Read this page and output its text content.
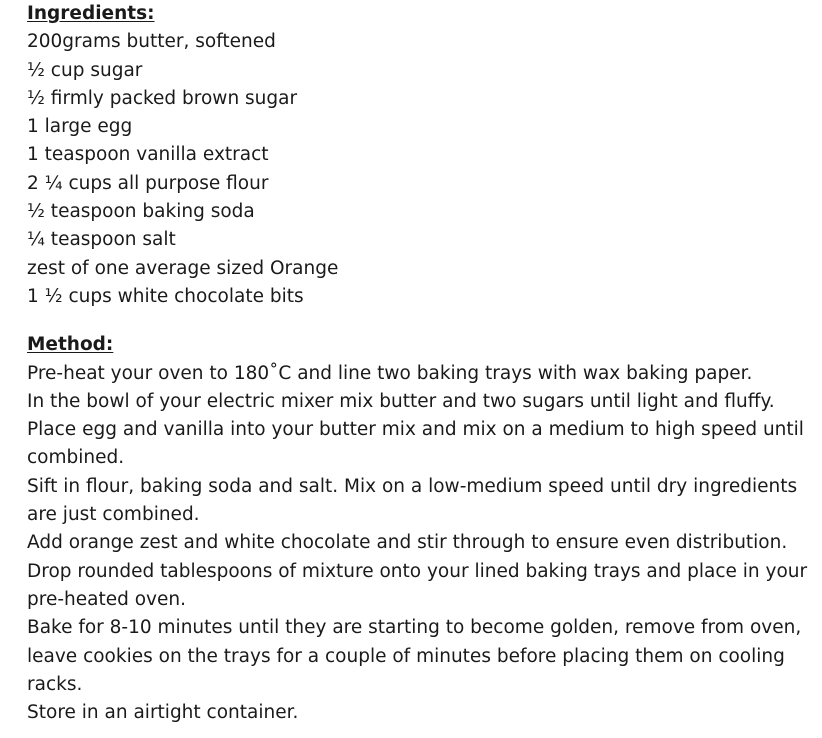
Ingredients:

200grams butter, softened

½ cup sugar

½ firmly packed brown sugar

1 large egg

1 teaspoon vanilla extract

2 ¼ cups all purpose flour

½ teaspoon baking soda

¼ teaspoon salt

zest of one average sized Orange

1 ½ cups white chocolate bits

Method:

Pre-heat your oven to 180˚C and line two baking trays with wax baking paper.

In the bowl of your electric mixer mix butter and two sugars until light and fluffy.

Place egg and vanilla into your butter mix and mix on a medium to high speed until combined.

Sift in flour, baking soda and salt. Mix on a low-medium speed until dry ingredients are just combined.

Add orange zest and white chocolate and stir through to ensure even distribution.

Drop rounded tablespoons of mixture onto your lined baking trays and place in your pre-heated oven.

Bake for 8-10 minutes until they are starting to become golden, remove from oven, leave cookies on the trays for a couple of minutes before placing them on cooling racks.

Store in an airtight container.
